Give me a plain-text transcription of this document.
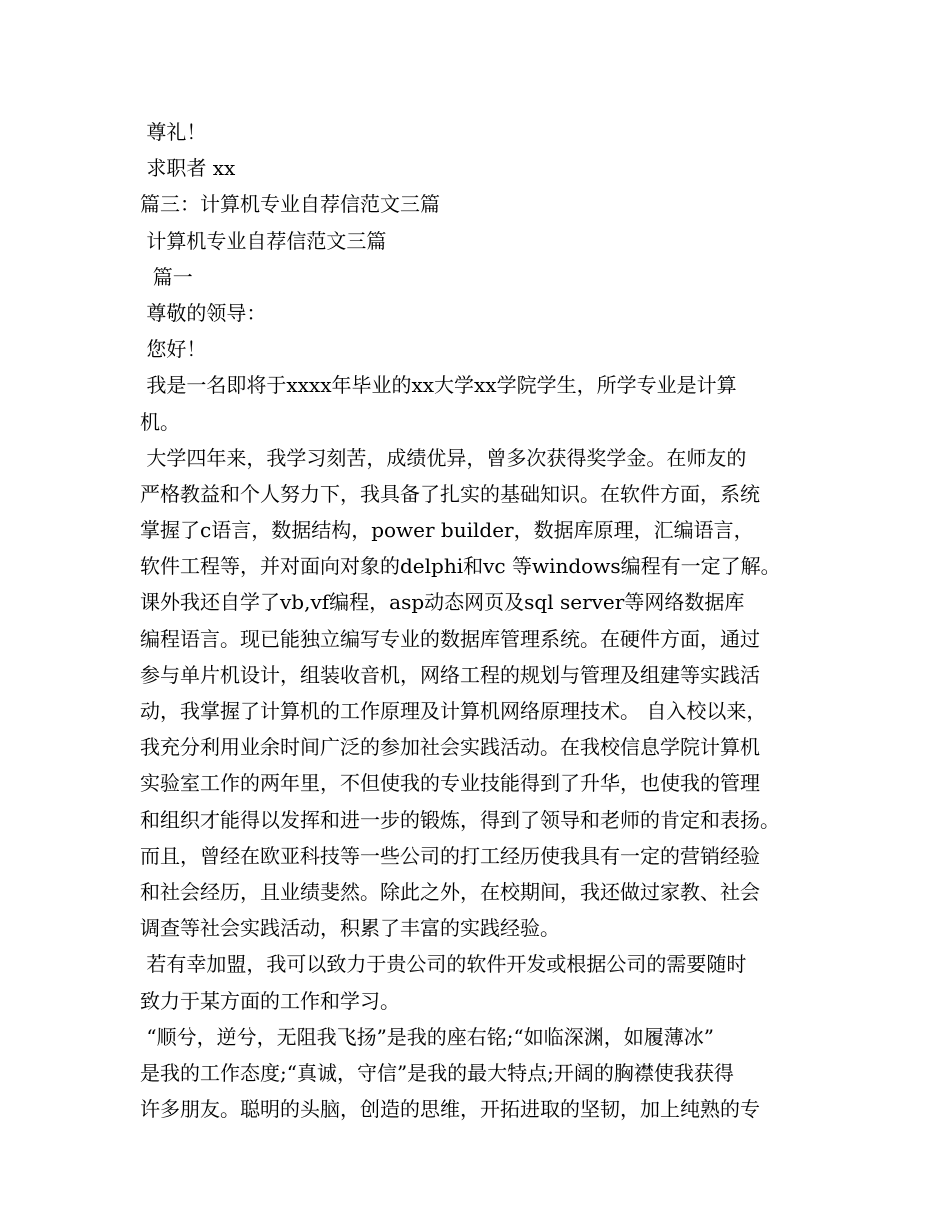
尊礼！
求职者 xx
篇三：计算机专业自荐信范文三篇
计算机专业自荐信范文三篇
篇一
尊敬的领导：
您好！
我是一名即将于xxxx年毕业的xx大学xx学院学生，所学专业是计算
机。
大学四年来，我学习刻苦，成绩优异，曾多次获得奖学金。在师友的
严格教益和个人努力下，我具备了扎实的基础知识。在软件方面，系统
掌握了c语言，数据结构，power builder，数据库原理，汇编语言，
软件工程等，并对面向对象的delphi和vc 等windows编程有一定了解。
课外我还自学了vb,vf编程，asp动态网页及sql server等网络数据库
编程语言。现已能独立编写专业的数据库管理系统。在硬件方面，通过
参与单片机设计，组装收音机，网络工程的规划与管理及组建等实践活
动，我掌握了计算机的工作原理及计算机网络原理技术。 自入校以来，
我充分利用业余时间广泛的参加社会实践活动。在我校信息学院计算机
实验室工作的两年里，不但使我的专业技能得到了升华，也使我的管理
和组织才能得以发挥和进一步的锻炼，得到了领导和老师的肯定和表扬。
而且，曾经在欧亚科技等一些公司的打工经历使我具有一定的营销经验
和社会经历，且业绩斐然。除此之外，在校期间，我还做过家教、社会
调查等社会实践活动，积累了丰富的实践经验。
若有幸加盟，我可以致力于贵公司的软件开发或根据公司的需要随时
致力于某方面的工作和学习。
“顺兮，逆兮，无阻我飞扬”是我的座右铭;“如临深渊，如履薄冰”
是我的工作态度;“真诚，守信”是我的最大特点;开阔的胸襟使我获得
许多朋友。聪明的头脑，创造的思维，开拓进取的坚韧，加上纯熟的专
